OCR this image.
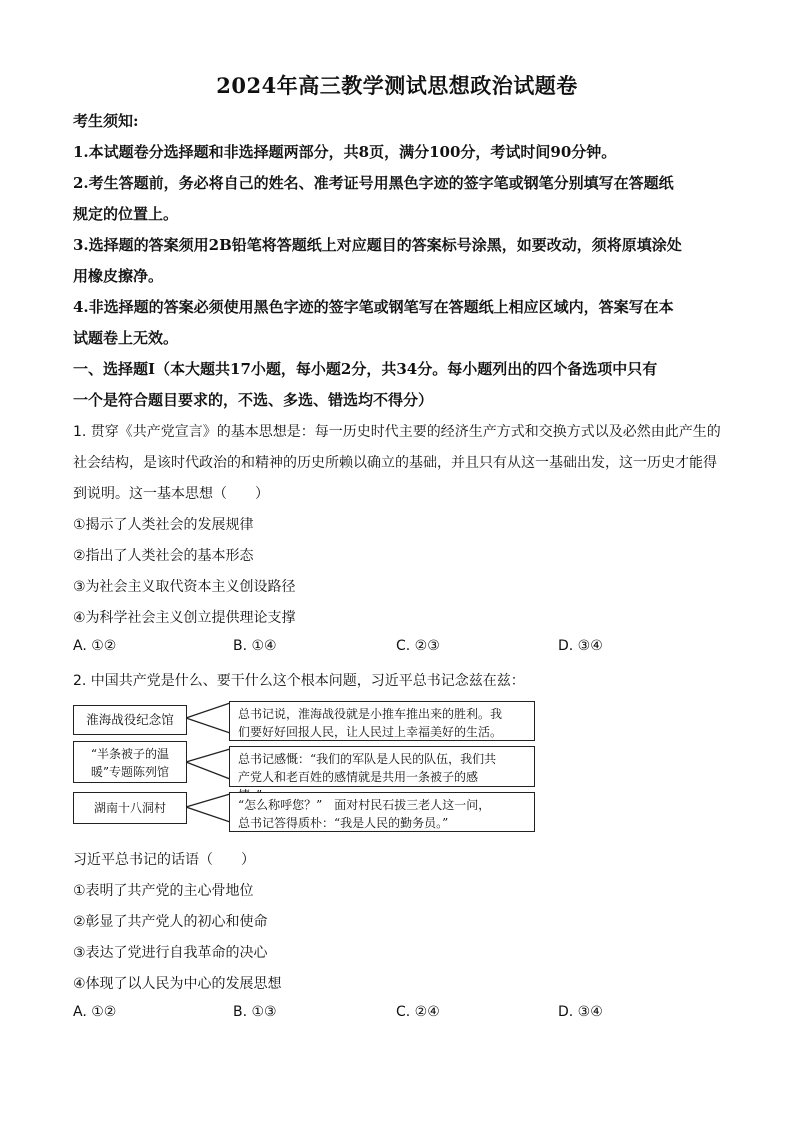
2024年高三教学测试思想政治试题卷
考生须知:
1.本试题卷分选择题和非选择题两部分，共8页，满分100分，考试时间90分钟。
2.考生答题前，务必将自己的姓名、准考证号用黑色字迹的签字笔或钢笔分别填写在答题纸
规定的位置上。
3.选择题的答案须用2B铅笔将答题纸上对应题目的答案标号涂黑，如要改动，须将原填涂处
用橡皮擦净。
4.非选择题的答案必须使用黑色字迹的签字笔或钢笔写在答题纸上相应区域内，答案写在本
试题卷上无效。
一、选择题Ⅰ（本大题共17小题，每小题2分，共34分。每小题列出的四个备选项中只有
一个是符合题目要求的，不选、多选、错选均不得分）
1. 贯穿《共产党宣言》的基本思想是：每一历史时代主要的经济生产方式和交换方式以及必然由此产生的
社会结构，是该时代政治的和精神的历史所赖以确立的基础，并且只有从这一基础出发，这一历史才能得
到说明。这一基本思想（　　）
①揭示了人类社会的发展规律
②指出了人类社会的基本形态
③为社会主义取代资本主义创设路径
④为科学社会主义创立提供理论支撑
A. ①②	B. ①④	C. ②③	D. ③④
2. 中国共产党是什么、要干什么这个根本问题，习近平总书记念兹在兹：
淮海战役纪念馆
“半条被子的温
暖”专题陈列馆
湖南十八洞村
总书记说，淮海战役就是小推车推出来的胜利。我
们要好好回报人民，让人民过上幸福美好的生活。
总书记感慨：“我们的军队是人民的队伍，我们共
产党人和老百姓的感情就是共用一条被子的感
“怎么称呼您？”　面对村民石拔三老人这一问，
总书记答得质朴：“我是人民的勤务员。”
习近平总书记的话语（　　）
①表明了共产党的主心骨地位
②彰显了共产党人的初心和使命
③表达了党进行自我革命的决心
④体现了以人民为中心的发展思想
A. ①②	B. ①③	C. ②④	D. ③④
